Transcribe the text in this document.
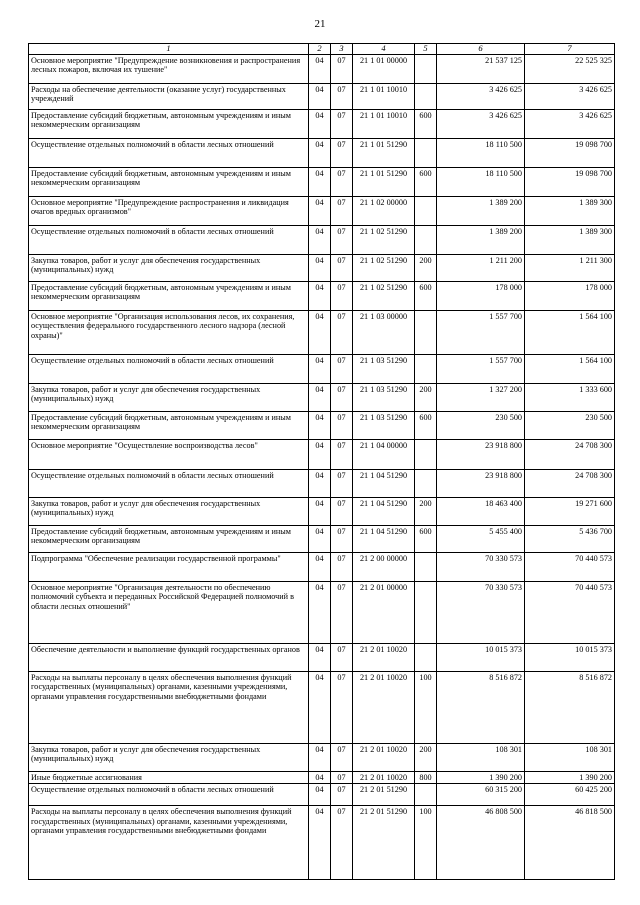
21
1	2	3	4	5	6	7
Основное мероприятие "Предупреждение возникновения и распространения лесных пожаров, включая их тушение"	04	07	21 1 01 00000		21 537 125	22 525 325
Расходы на обеспечение деятельности (оказание услуг) государственных учреждений	04	07	21 1 01 10010		3 426 625	3 426 625
Предоставление субсидий бюджетным, автономным учреждениям и иным некоммерческим организациям	04	07	21 1 01 10010	600	3 426 625	3 426 625
Осуществление отдельных полномочий в области лесных отношений	04	07	21 1 01 51290		18 110 500	19 098 700
Предоставление субсидий бюджетным, автономным учреждениям и иным некоммерческим организациям	04	07	21 1 01 51290	600	18 110 500	19 098 700
Основное мероприятие "Предупреждение распространения и ликвидация очагов вредных организмов"	04	07	21 1 02 00000		1 389 200	1 389 300
Осуществление отдельных полномочий в области лесных отношений	04	07	21 1 02 51290		1 389 200	1 389 300
Закупка товаров, работ и услуг для обеспечения государственных (муниципальных) нужд	04	07	21 1 02 51290	200	1 211 200	1 211 300
Предоставление субсидий бюджетным, автономным учреждениям и иным некоммерческим организациям	04	07	21 1 02 51290	600	178 000	178 000
Основное мероприятие "Организация использования лесов, их сохранения, осуществления федерального государственного лесного надзора (лесной охраны)"	04	07	21 1 03 00000		1 557 700	1 564 100
Осуществление отдельных полномочий в области лесных отношений	04	07	21 1 03 51290		1 557 700	1 564 100
Закупка товаров, работ и услуг для обеспечения государственных (муниципальных) нужд	04	07	21 1 03 51290	200	1 327 200	1 333 600
Предоставление субсидий бюджетным, автономным учреждениям и иным некоммерческим организациям	04	07	21 1 03 51290	600	230 500	230 500
Основное мероприятие "Осуществление воспроизводства лесов"	04	07	21 1 04 00000		23 918 800	24 708 300
Осуществление отдельных полномочий в области лесных отношений	04	07	21 1 04 51290		23 918 800	24 708 300
Закупка товаров, работ и услуг для обеспечения государственных (муниципальных) нужд	04	07	21 1 04 51290	200	18 463 400	19 271 600
Предоставление субсидий бюджетным, автономным учреждениям и иным некоммерческим организациям	04	07	21 1 04 51290	600	5 455 400	5 436 700
Подпрограмма "Обеспечение реализации государственной программы"	04	07	21 2 00 00000		70 330 573	70 440 573
Основное мероприятие "Организация деятельности по обеспечению полномочий субъекта и переданных Российской Федерацией полномочий в области лесных отношений"	04	07	21 2 01 00000		70 330 573	70 440 573
Обеспечение деятельности и выполнение функций государственных органов	04	07	21 2 01 10020		10 015 373	10 015 373
Расходы на выплаты персоналу в целях обеспечения выполнения функций государственных (муниципальных) органами, казенными учреждениями, органами управления государственными внебюджетными фондами	04	07	21 2 01 10020	100	8 516 872	8 516 872
Закупка товаров, работ и услуг для обеспечения государственных (муниципальных) нужд	04	07	21 2 01 10020	200	108 301	108 301
Иные бюджетные ассигнования	04	07	21 2 01 10020	800	1 390 200	1 390 200
Осуществление отдельных полномочий в области лесных отношений	04	07	21 2 01 51290		60 315 200	60 425 200
Расходы на выплаты персоналу в целях обеспечения выполнения функций государственных (муниципальных) органами, казенными учреждениями, органами управления государственными внебюджетными фондами	04	07	21 2 01 51290	100	46 808 500	46 818 500
